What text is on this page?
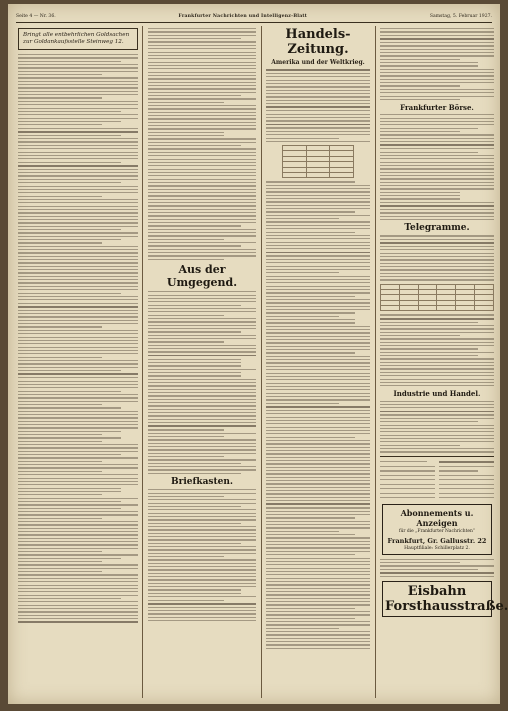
Seite 4 — Nr. 36.	Frankfurter Nachrichten und Intelligenz-Blatt	Samstag, 5. Februar 1927.
Bringt alle entbehrlichen Goldsachen zur Goldankaufsstelle Steinweg 12.
Aus der Umgegend.
Briefkasten.
Handels-Zeitung.
Amerika und der Weltkrieg.

Frankfurter Börse.
Telegramme.

Industrie und Handel.
Abonnements u. Anzeigen
für die „Frankfurter Nachrichten“
Frankfurt, Gr. Gallusstr. 22
Hauptfiliale: Schillerplatz 2.
Eisbahn Forsthausstraße.
